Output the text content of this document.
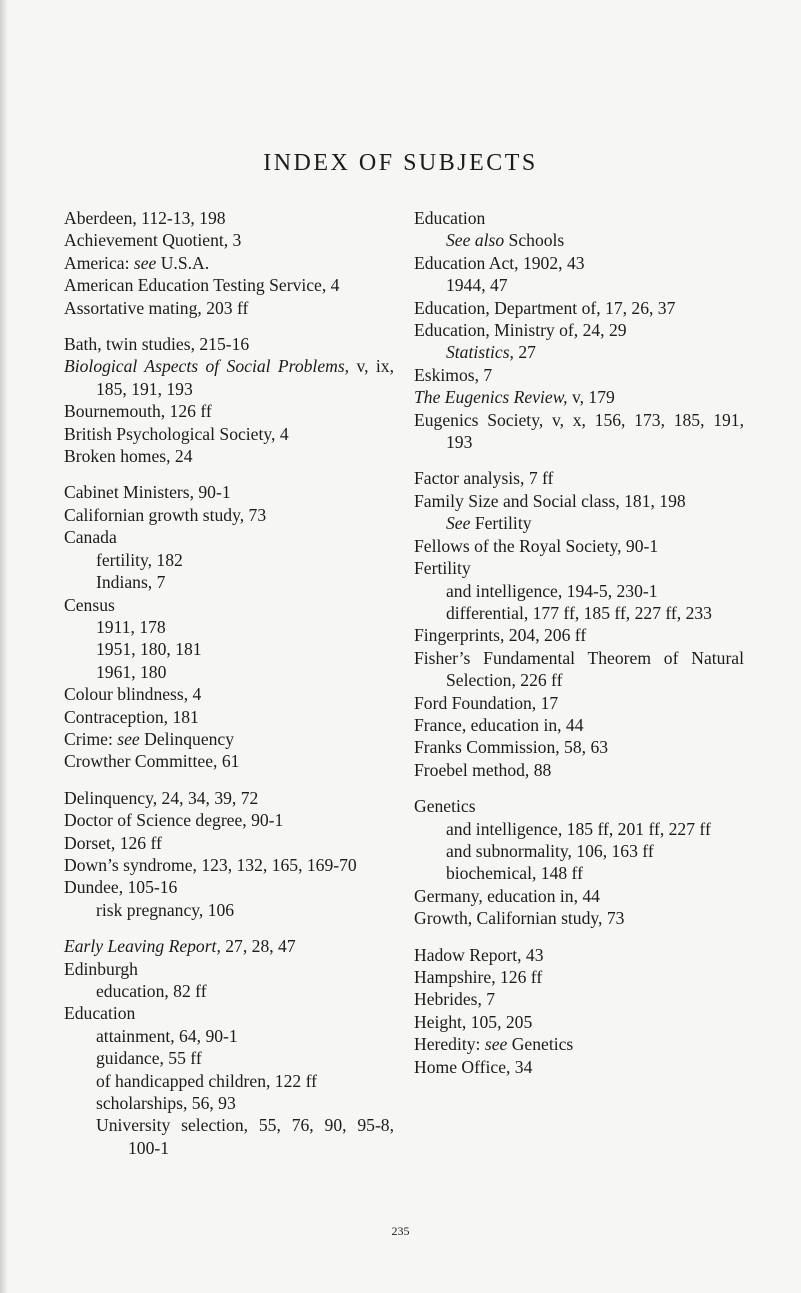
INDEX OF SUBJECTS
Aberdeen, 112-13, 198
Achievement Quotient, 3
America: see U.S.A.
American Education Testing Service, 4
Assortative mating, 203 ff
Bath, twin studies, 215-16
Biological Aspects of Social Problems, v, ix, 185, 191, 193
Bournemouth, 126 ff
British Psychological Society, 4
Broken homes, 24
Cabinet Ministers, 90-1
Californian growth study, 73
Canada
fertility, 182
Indians, 7
Census
1911, 178
1951, 180, 181
1961, 180
Colour blindness, 4
Contraception, 181
Crime: see Delinquency
Crowther Committee, 61
Delinquency, 24, 34, 39, 72
Doctor of Science degree, 90-1
Dorset, 126 ff
Down’s syndrome, 123, 132, 165, 169-70
Dundee, 105-16
risk pregnancy, 106
Early Leaving Report, 27, 28, 47
Edinburgh
education, 82 ff
Education
attainment, 64, 90-1
guidance, 55 ff
of handicapped children, 122 ff
scholarships, 56, 93
University selection, 55, 76, 90, 95-8, 100-1
Education
See also Schools
Education Act, 1902, 43
1944, 47
Education, Department of, 17, 26, 37
Education, Ministry of, 24, 29
Statistics, 27
Eskimos, 7
The Eugenics Review, v, 179
Eugenics Society, v, x, 156, 173, 185, 191, 193
Factor analysis, 7 ff
Family Size and Social class, 181, 198
See Fertility
Fellows of the Royal Society, 90-1
Fertility
and intelligence, 194-5, 230-1
differential, 177 ff, 185 ff, 227 ff, 233
Fingerprints, 204, 206 ff
Fisher’s Fundamental Theorem of Natural Selection, 226 ff
Ford Foundation, 17
France, education in, 44
Franks Commission, 58, 63
Froebel method, 88
Genetics
and intelligence, 185 ff, 201 ff, 227 ff
and subnormality, 106, 163 ff
biochemical, 148 ff
Germany, education in, 44
Growth, Californian study, 73
Hadow Report, 43
Hampshire, 126 ff
Hebrides, 7
Height, 105, 205
Heredity: see Genetics
Home Office, 34
235
